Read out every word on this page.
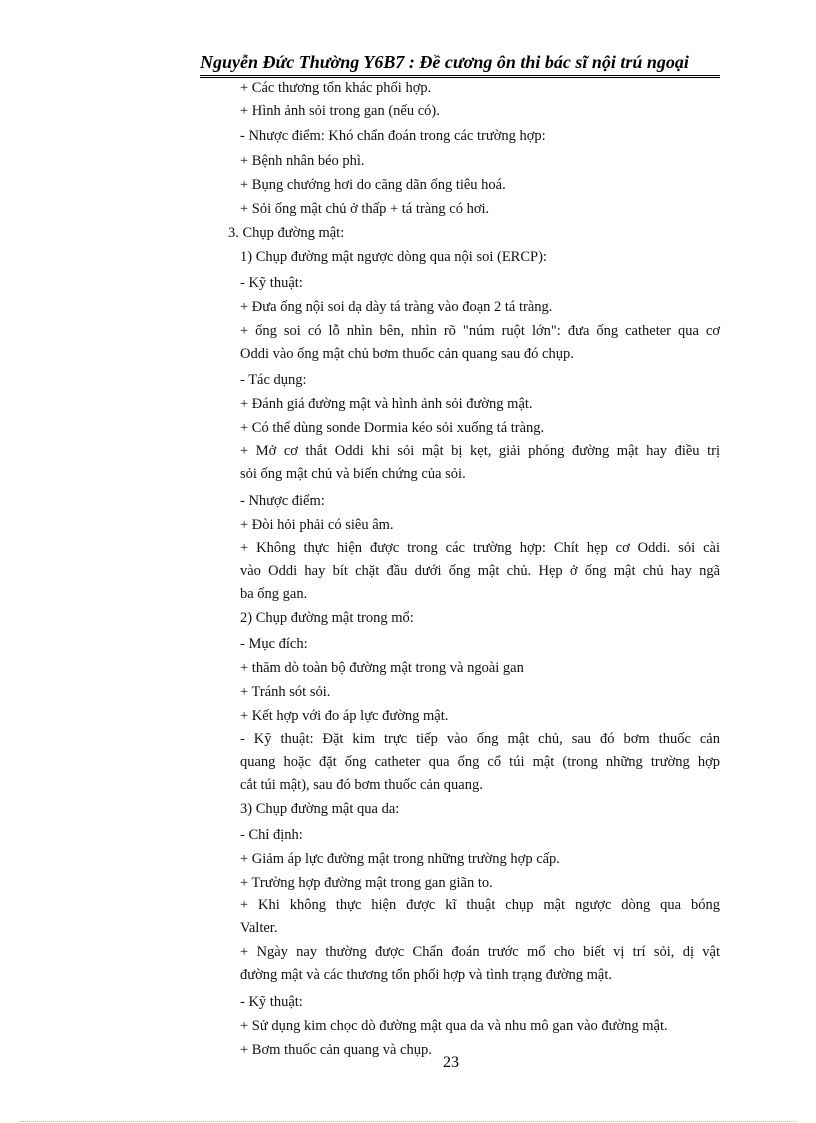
Nguyễn Đức Thường Y6B7 : Đề cương ôn thi bác sĩ nội trú ngoại
+ Các thương tổn khác phối hợp.
+ Hình ảnh sỏi trong gan (nếu có).
- Nhược điểm: Khó chẩn đoán trong các trường hợp:
+ Bệnh nhân béo phì.
+ Bụng chướng hơi do căng dãn ống tiêu hoá.
+ Sỏi ống mật chủ ở thấp + tá tràng có hơi.
3. Chụp đường mật:
1) Chụp đường mật ngược dòng qua nội soi (ERCP):
- Kỹ thuật:
+ Đưa ống nội soi dạ dày tá tràng vào đoạn 2 tá tràng.
+ ống soi có lỗ nhìn bên, nhìn rõ "núm ruột lớn": đưa ống catheter qua cơ
Oddi vào ống mật chủ bơm thuốc cản quang sau đó chụp.
- Tác dụng:
+ Đánh giá đường mật và hình ảnh sỏi đường mật.
+ Có thể dùng sonde Dormia kéo sỏi xuống tá tràng.
+ Mở cơ thắt Oddi khi sỏi mật bị kẹt, giải phóng đường mật hay điều trị
sỏi ống mật chủ và biến chứng của sỏi.
- Nhược điểm:
+ Đòi hỏi phải có siêu âm.
+ Không thực hiện được trong các trường hợp: Chít hẹp cơ Oddi. sỏi cài
vào Oddi hay bít chặt đầu dưới ống mật chủ. Hẹp ở ống mật chủ hay ngã
ba ống gan.
2) Chụp đường mật trong mổ:
- Mục đích:
+ thăm dò toàn bộ đường mật trong và ngoài gan
+ Tránh sót sỏi.
+ Kết hợp với đo áp lực đường mật.
- Kỹ thuật: Đặt kim trực tiếp vào ống mật chủ, sau đó bơm thuốc cản
quang hoặc đặt ống catheter qua ống cổ túi mật (trong những trường hợp
cắt túi mật), sau đó bơm thuốc cản quang.
3) Chụp đường mật qua da:
- Chỉ định:
+ Giảm áp lực đường mật trong những trường hợp cấp.
+ Trường hợp đường mật trong gan giãn to.
+ Khi không thực hiện được kĩ thuật chụp mật ngược dòng qua bóng
Valter.
+ Ngày nay thường được Chẩn đoán trước mổ cho biết vị trí sỏi, dị vật
đường mật và các thương tổn phối hợp và tình trạng đường mật.
- Kỹ thuật:
+ Sử dụng kim chọc dò đường mật qua da và nhu mô gan vào đường mật.
+ Bơm thuốc cản quang và chụp.
23
